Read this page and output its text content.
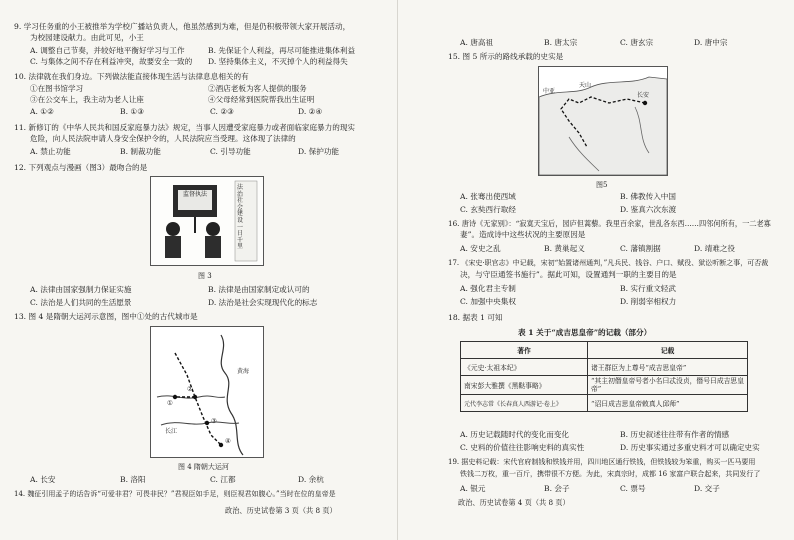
9. 学习任务重的小王被推举为学校广播站负责人，他虽然感到为难，但是仍积极带领大家开展活动，
为校园建设献力。由此可见，小王
A. 调整自己节奏，并较好地平衡好学习与工作	B. 先保证个人利益，再尽可能推进集体利益
C. 与集体之间不存在利益冲突，故要安全一致的 D. 坚持集体主义，不灭掉个人的利益得失
10. 法律就在我们身边。下列做法能直接体现生活与法律息息相关的有
①在图书馆学习	②酒店老板为客人提供的服务
③在公交车上，我主动为老人让座	④父母经常到医院帮我出生证明
A. ①②	B. ①③	C. ②③	D. ②④
11. 新修订的《中华人民共和国反家庭暴力法》规定，当事人因遭受家庭暴力或者面临家庭暴力的现实
危险，向人民法院申请人身安全保护令的，人民法院应当受理。这体现了法律的
A. 禁止功能	B. 制裁功能	C. 引导功能	D. 保护功能
12. 下列观点与漫画（图3）最吻合的是
监督执法
法治社会建设一日千里
图 3
A. 法律由国家强制力保证实施	B. 法律是由国家制定或认可的
C. 法治是人们共同的生活愿景	D. 法治是社会实现现代化的标志
13. 图 4 是隋朝大运河示意图，图中①处的古代城市是
①
②
③
④
黄海
长江
图 4 隋朝大运河
A. 长安	B. 洛阳	C. 江都	D. 余杭
14. 魏征引用孟子的话告诉“可爱非君？可畏非民？”君视臣如手足，则臣视君如腹心。”当时在位的皇帝是
政治、历史试卷第 3 页（共 8 页）
A. 唐高祖	B. 唐太宗	C. 唐玄宗	D. 唐中宗
15. 图 5 所示的路线承载的史实是
中亚
天山
长安
图5
A. 张骞出使西域	B. 佛教传入中国
C. 玄奘西行取经	D. 鉴真六次东渡
16. 唐诗《无家别》：“寂寞天宝后，园庐但蒿藜。我里百余家，世乱各东西……四邻何所有，一二老寡
妻”。造成诗中这些状况的主要原因是
A. 安史之乱	B. 黄巢起义	C. 藩镇割据	D. 靖难之役
17. 《宋史·职官志》中记载，宋初“始置诸州通判，”凡兵民、钱谷、户口、赋役、狱讼听断之事，可否裁
决，与守臣通签书施行”。据此可知，设置通判一职的主要目的是
A. 强化君主专制	B. 实行重文轻武
C. 加强中央集权	D. 削弱宰相权力
18. 据表 1 可知
表 1 关于“成吉思皇帝”的记载（部分）
著作	记载
《元史·太祖本纪》	诸王群臣为上尊号“成吉思皇帝”
南宋彭大雅撰《黑鞑事略》	“其主初僭皇帝号者小名曰忒没贞，僭号曰成吉思皇帝”
元代李志常《长春真人西游记·卷上》	“诏曰成吉思皇帝敕真人邱师”
A. 历史记载随时代的变化而变化	B. 历史叙述往往带有作者的情感
C. 史料的价值往往影响史料的真实性	D. 历史事实通过多重史料才可以确定史实
19. 据史料记载：宋代官府制钱和铁钱并用，四川地区通行铁钱，但铁钱较为笨重，购买一匹马要用
铁钱二万枚，重一百斤，携带很不方便。为此，宋真宗时，成都 16 家富户联合起来，共同发行了
A. 银元	B. 会子	C. 票号	D. 交子
政治、历史试卷第 4 页（共 8 页）
